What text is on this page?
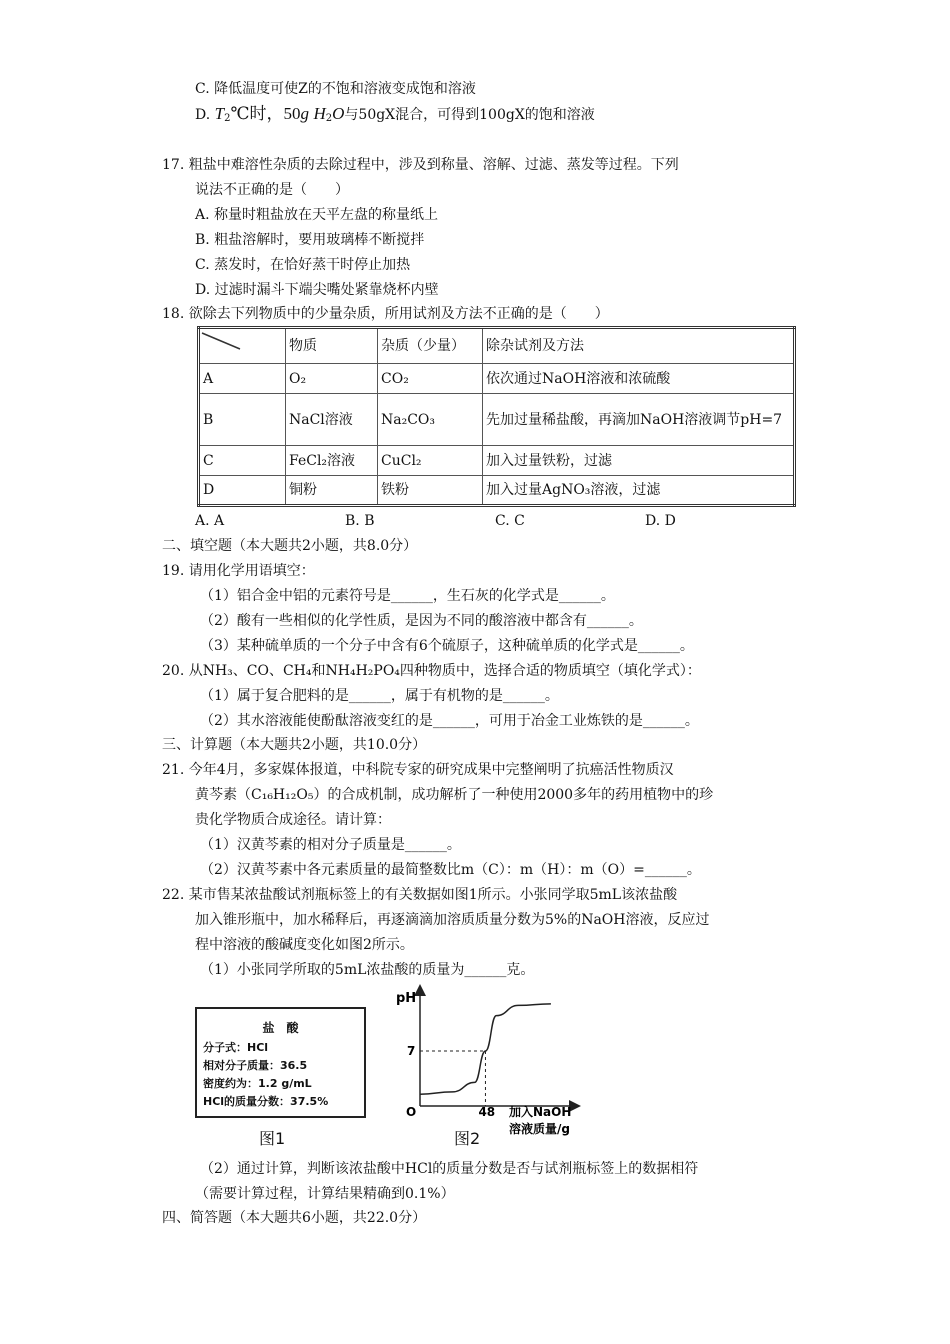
C. 降低温度可使Z的不饱和溶液变成饱和溶液
D. $T_2℃$时，50g $H_2O$与50gX混合，可得到100gX的饱和溶液
17. 粗盐中难溶性杂质的去除过程中，涉及到称量、溶解、过滤、蒸发等过程。下列
说法不正确的是（　　）
A. 称量时粗盐放在天平左盘的称量纸上
B. 粗盐溶解时，要用玻璃棒不断搅拌
C. 蒸发时，在恰好蒸干时停止加热
D. 过滤时漏斗下端尖嘴处紧靠烧杯内壁
18. 欲除去下列物质中的少量杂质，所用试剂及方法不正确的是（　　）
	物质	杂质（少量）	除杂试剂及方法
A	O₂	CO₂	依次通过NaOH溶液和浓硫酸
B	NaCl溶液	Na₂CO₃	先加过量稀盐酸，再滴加NaOH溶液调节pH=7
C	FeCl₂溶液	CuCl₂	加入过量铁粉，过滤
D	铜粉	铁粉	加入过量AgNO₃溶液，过滤
A. A	B. B	C. C	D. D
二、填空题（本大题共2小题，共8.0分）
19. 请用化学用语填空：
（1）铝合金中铝的元素符号是______，生石灰的化学式是______。
（2）酸有一些相似的化学性质，是因为不同的酸溶液中都含有______。
（3）某种硫单质的一个分子中含有6个硫原子，这种硫单质的化学式是______。
20. 从NH₃、CO、CH₄和NH₄H₂PO₄四种物质中，选择合适的物质填空（填化学式）：
（1）属于复合肥料的是______，属于有机物的是______。
（2）其水溶液能使酚酞溶液变红的是______，可用于冶金工业炼铁的是______。
三、计算题（本大题共2小题，共10.0分）
21. 今年4月，多家媒体报道，中科院专家的研究成果中完整阐明了抗癌活性物质汉
黄芩素（C₁₆H₁₂O₅）的合成机制，成功解析了一种使用2000多年的药用植物中的珍
贵化学物质合成途径。请计算：
（1）汉黄芩素的相对分子质量是______。
（2）汉黄芩素中各元素质量的最简整数比m（C）：m（H）：m（O）=______。
22. 某市售某浓盐酸试剂瓶标签上的有关数据如图1所示。小张同学取5mL该浓盐酸
加入锥形瓶中，加水稀释后，再逐滴滴加溶质质量分数为5%的NaOH溶液，反应过
程中溶液的酸碱度变化如图2所示。
（1）小张同学所取的5mL浓盐酸的质量为______克。
盐　酸
分子式：HCl
相对分子质量：36.5
密度约为：1.2 g/mL
HCl的质量分数：37.5%
图1
pH
O
7
48 加入NaOH
溶液质量/g
图2
（2）通过计算，判断该浓盐酸中HCl的质量分数是否与试剂瓶标签上的数据相符
（需要计算过程，计算结果精确到0.1%）
四、简答题（本大题共6小题，共22.0分）
